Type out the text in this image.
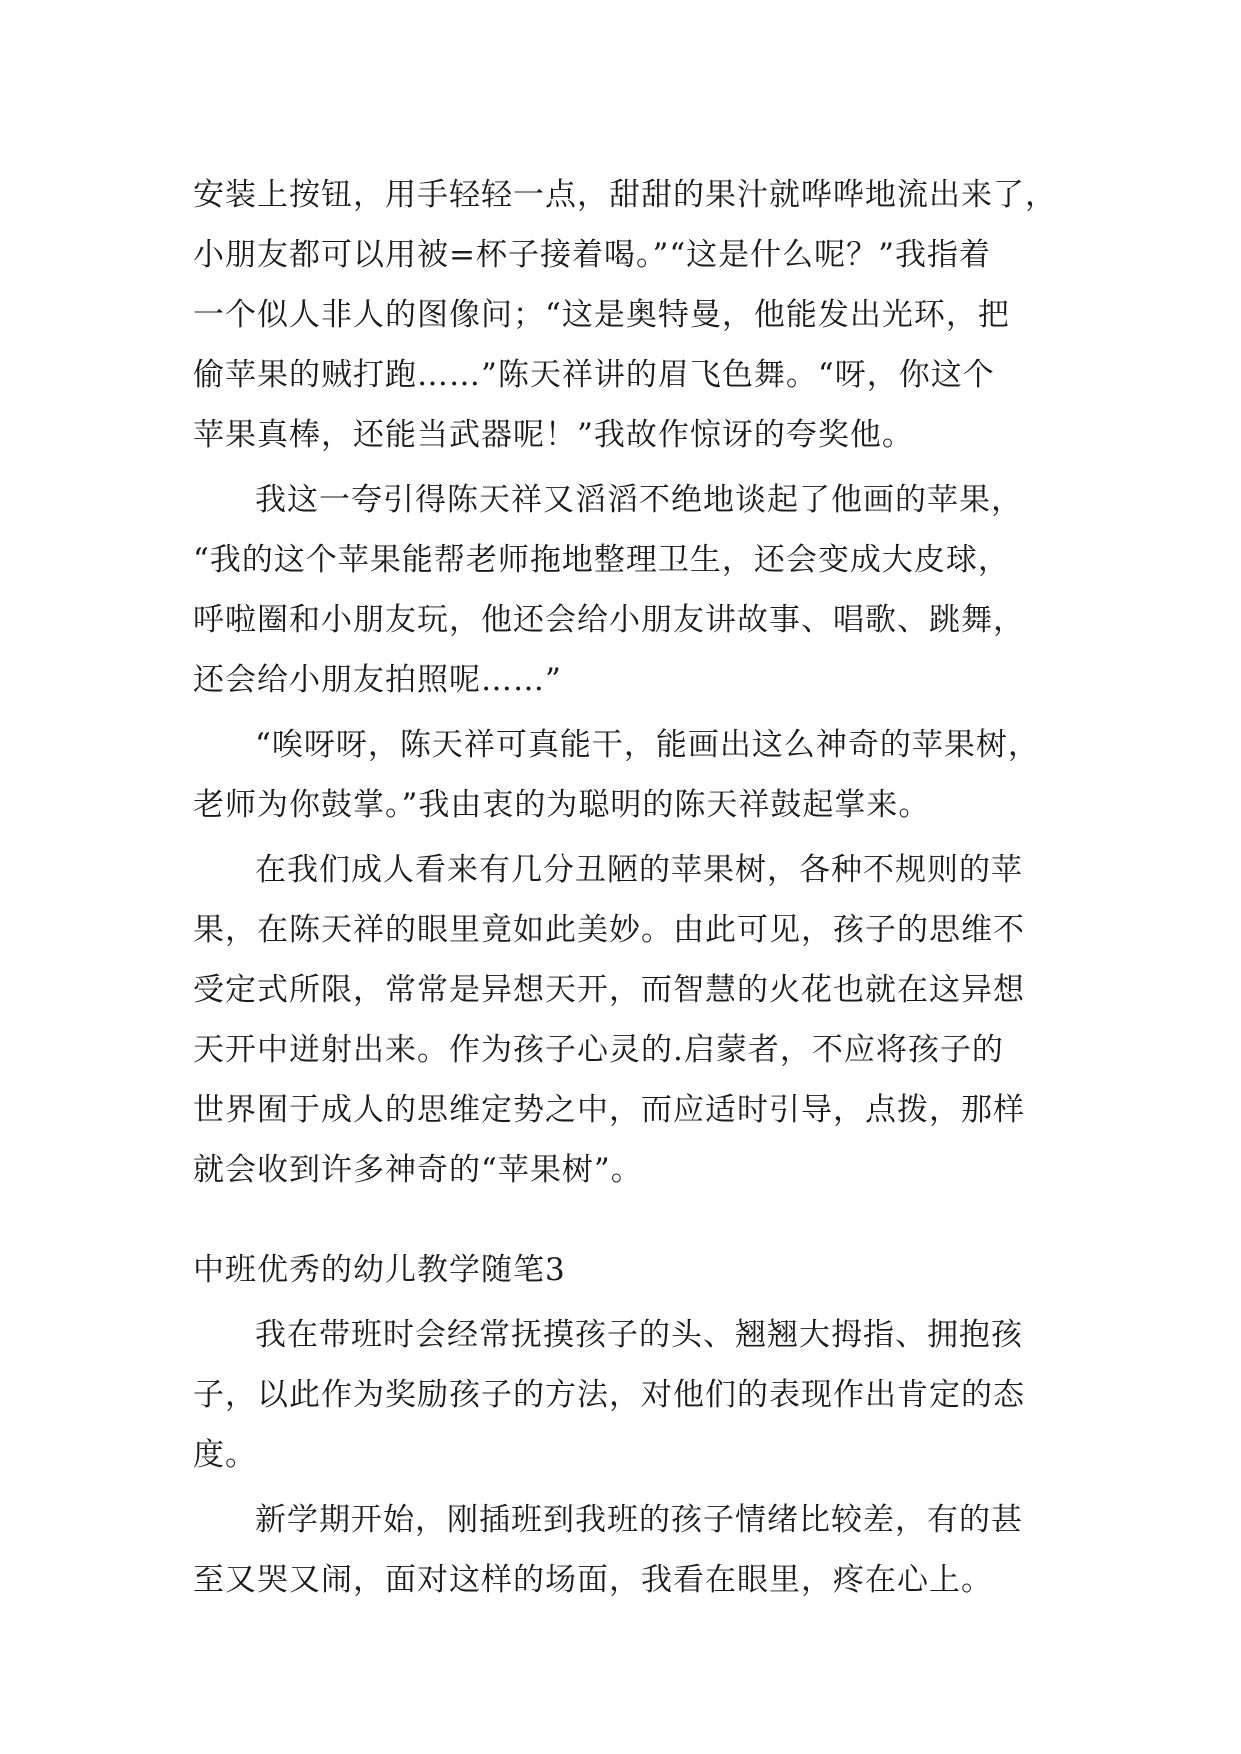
安装上按钮，用手轻轻一点，甜甜的果汁就哗哗地流出来了，
小朋友都可以用被=杯子接着喝。”“这是什么呢？”我指着
一个似人非人的图像问；“这是奥特曼，他能发出光环，把
偷苹果的贼打跑……”陈天祥讲的眉飞色舞。“呀，你这个
苹果真棒，还能当武器呢！”我故作惊讶的夸奖他。
我这一夸引得陈天祥又滔滔不绝地谈起了他画的苹果，
“我的这个苹果能帮老师拖地整理卫生，还会变成大皮球，
呼啦圈和小朋友玩，他还会给小朋友讲故事、唱歌、跳舞，
还会给小朋友拍照呢……”
“唉呀呀，陈天祥可真能干，能画出这么神奇的苹果树，
老师为你鼓掌。”我由衷的为聪明的陈天祥鼓起掌来。
在我们成人看来有几分丑陋的苹果树，各种不规则的苹
果，在陈天祥的眼里竟如此美妙。由此可见，孩子的思维不
受定式所限，常常是异想天开，而智慧的火花也就在这异想
天开中迸射出来。作为孩子心灵的.启蒙者，不应将孩子的
世界囿于成人的思维定势之中，而应适时引导，点拨，那样
就会收到许多神奇的“苹果树”。
中班优秀的幼儿教学随笔3
我在带班时会经常抚摸孩子的头、翘翘大拇指、拥抱孩
子，以此作为奖励孩子的方法，对他们的表现作出肯定的态
度。
新学期开始，刚插班到我班的孩子情绪比较差，有的甚
至又哭又闹，面对这样的场面，我看在眼里，疼在心上。
